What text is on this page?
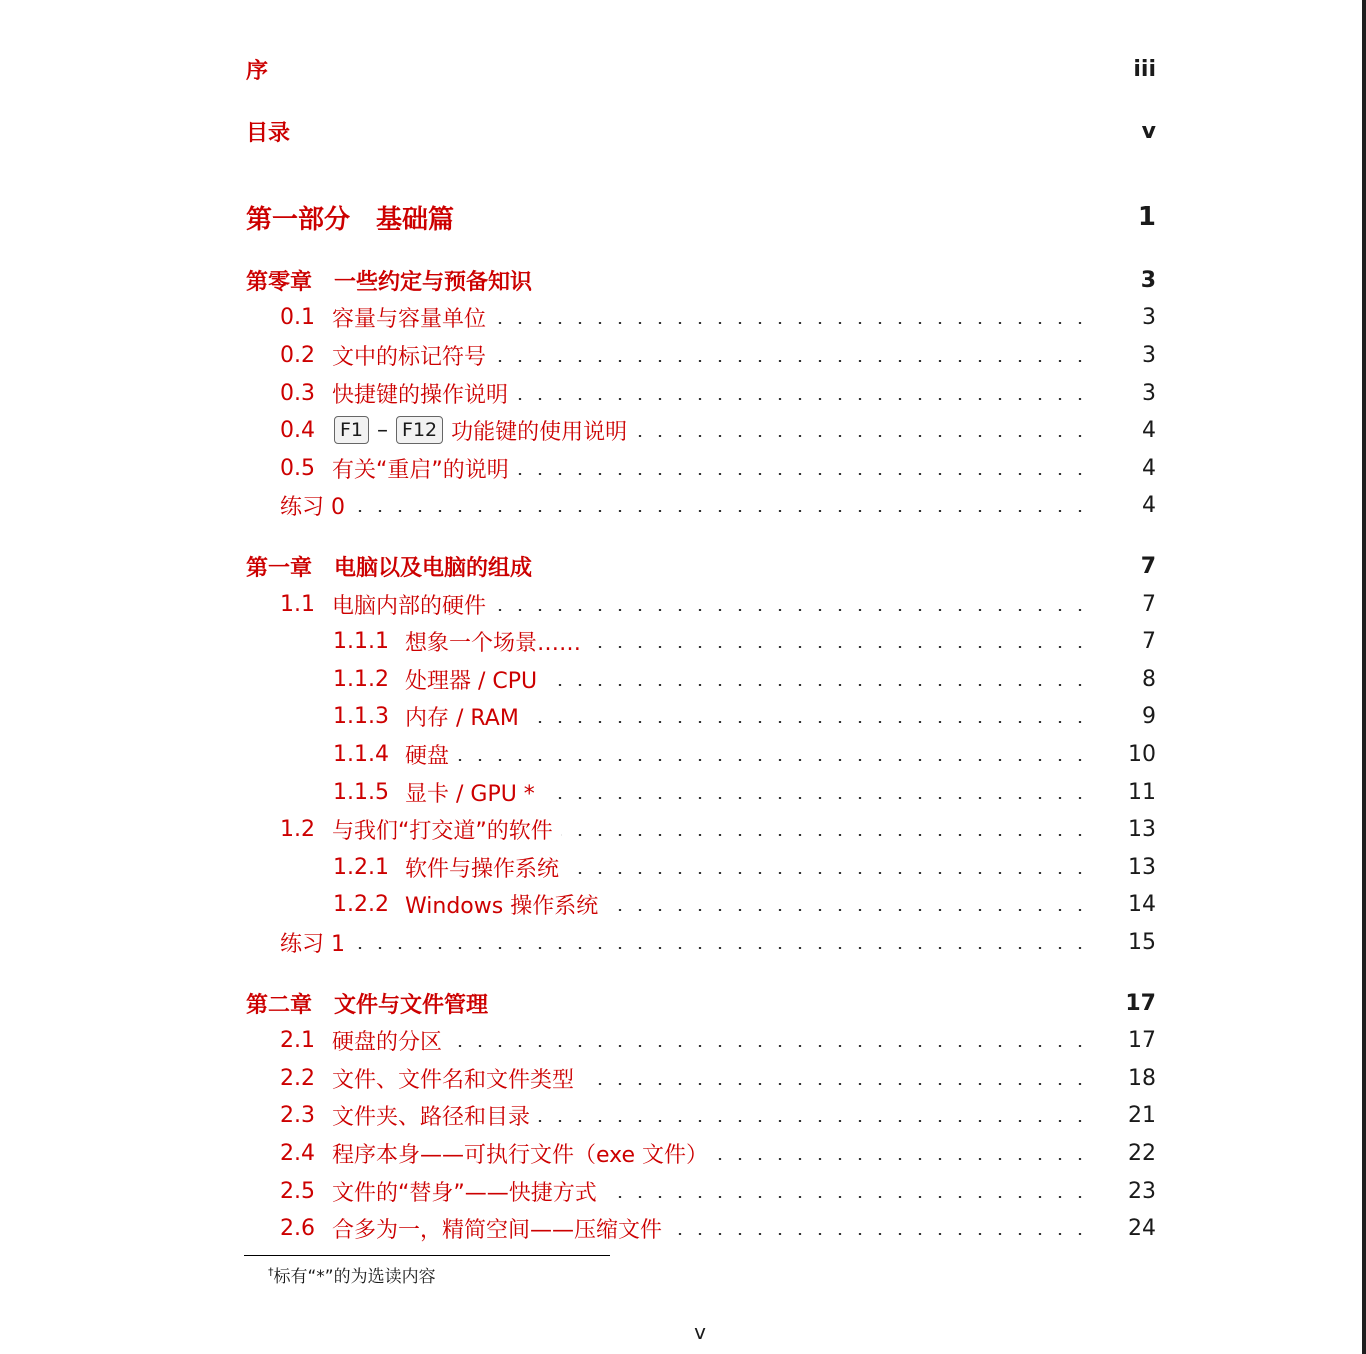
序	iii
目录	v
第一部分　基础篇	1
第零章　一些约定与预备知识	3
0.1 容量与容量单位	3
0.2 文中的标记符号	3
0.3 快捷键的操作说明	3
0.4	F1 – F12 功能键的使用说明	4
0.5 有关“重启”的说明	4
练习 0	4
第一章　电脑以及电脑的组成	7
1.1 电脑内部的硬件	7
1.1.1 想象一个场景……	7
1.1.2 处理器 / CPU	8
1.1.3 内存 / RAM	9
1.1.4 硬盘	10
1.1.5 显卡 / GPU *	11
1.2 与我们“打交道”的软件	13
1.2.1 软件与操作系统	13
1.2.2 Windows 操作系统	14
练习 1	15
第二章　文件与文件管理	17
2.1 硬盘的分区	17
2.2 文件、文件名和文件类型	18
2.3 文件夹、路径和目录	21
2.4 程序本身——可执行文件（exe 文件）	22
2.5 文件的“替身”——快捷方式	23
2.6 合多为一，精简空间——压缩文件	24
†标有“*”的为选读内容
v
